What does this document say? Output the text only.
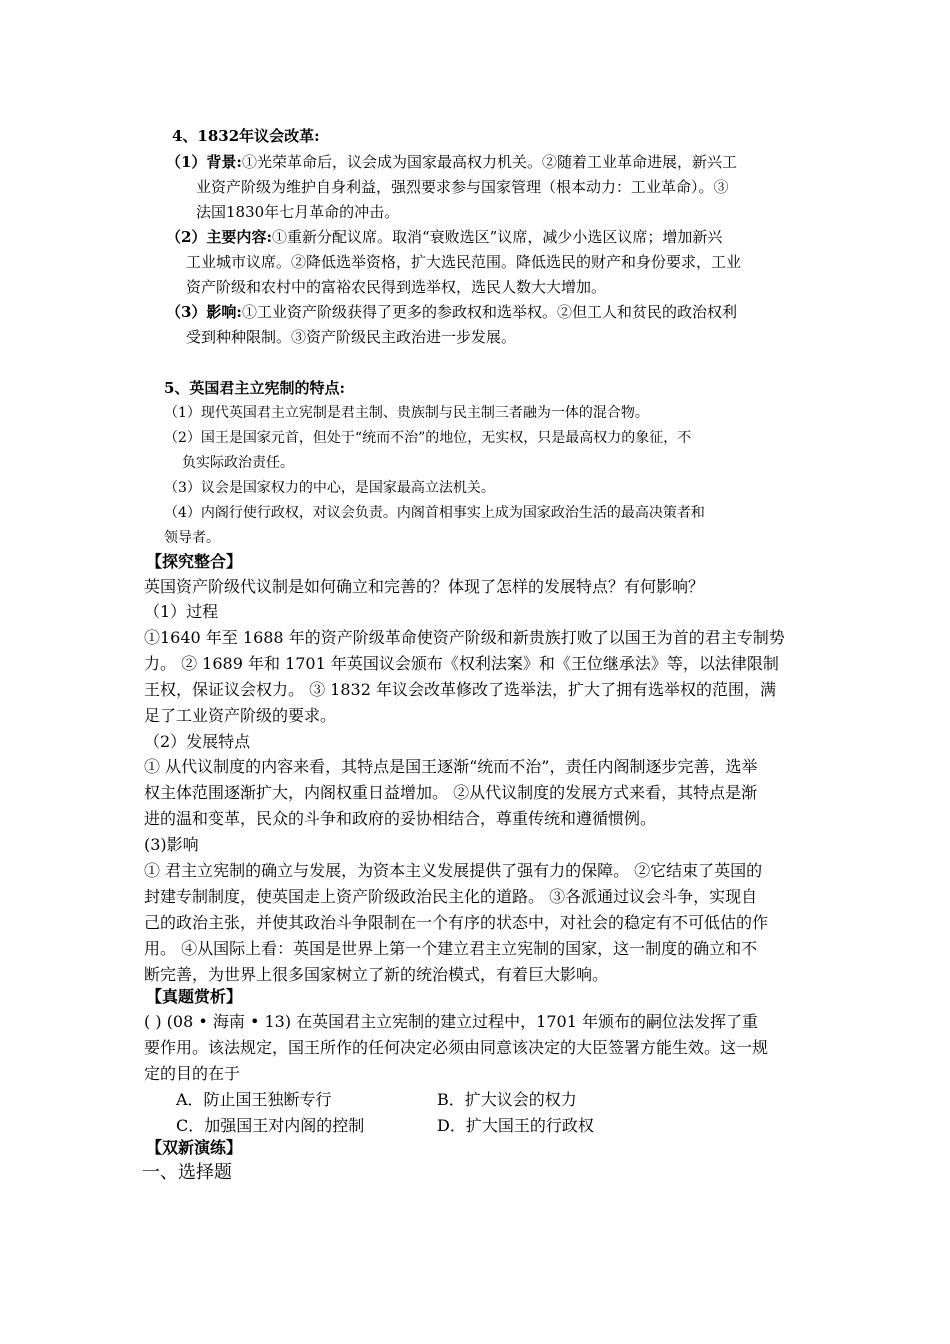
4、1832年议会改革:
（1）背景:①光荣革命后，议会成为国家最高权力机关。②随着工业革命进展，新兴工
业资产阶级为维护自身利益，强烈要求参与国家管理（根本动力：工业革命）。③
法国1830年七月革命的冲击。
（2）主要内容:①重新分配议席。取消“衰败选区”议席，减少小选区议席；增加新兴
工业城市议席。②降低选举资格，扩大选民范围。降低选民的财产和身份要求，工业
资产阶级和农村中的富裕农民得到选举权，选民人数大大增加。
（3）影响:①工业资产阶级获得了更多的参政权和选举权。②但工人和贫民的政治权利
受到种种限制。③资产阶级民主政治进一步发展。
5、英国君主立宪制的特点:
（1）现代英国君主立宪制是君主制、贵族制与民主制三者融为一体的混合物。
（2）国王是国家元首，但处于“统而不治”的地位，无实权，只是最高权力的象征，不
负实际政治责任。
（3）议会是国家权力的中心，是国家最高立法机关。
（4）内阁行使行政权，对议会负责。内阁首相事实上成为国家政治生活的最高决策者和
领导者。
【探究整合】
英国资产阶级代议制是如何确立和完善的？体现了怎样的发展特点？有何影响？
（1）过程
①1640 年至 1688 年的资产阶级革命使资产阶级和新贵族打败了以国王为首的君主专制势
力。 ② 1689 年和 1701 年英国议会颁布《权利法案》和《王位继承法》等，以法律限制
王权，保证议会权力。 ③ 1832 年议会改革修改了选举法，扩大了拥有选举权的范围，满
足了工业资产阶级的要求。
（2）发展特点
① 从代议制度的内容来看，其特点是国王逐渐“统而不治”，责任内阁制逐步完善，选举
权主体范围逐渐扩大，内阁权重日益增加。 ②从代议制度的发展方式来看，其特点是渐
进的温和变革，民众的斗争和政府的妥协相结合，尊重传统和遵循惯例。
(3)影响
① 君主立宪制的确立与发展，为资本主义发展提供了强有力的保障。 ②它结束了英国的
封建专制制度，使英国走上资产阶级政治民主化的道路。 ③各派通过议会斗争，实现自
己的政治主张，并使其政治斗争限制在一个有序的状态中，对社会的稳定有不可低估的作
用。 ④从国际上看：英国是世界上第一个建立君主立宪制的国家，这一制度的确立和不
断完善，为世界上很多国家树立了新的统治模式，有着巨大影响。
【真题赏析】
( ) (08 • 海南 • 13) 在英国君主立宪制的建立过程中，1701 年颁布的嗣位法发挥了重
要作用。该法规定，国王所作的任何决定必须由同意该决定的大臣签署方能生效。这一规
定的目的在于
A．防止国王独断专行	B．扩大议会的权力
C．加强国王对内阁的控制	D．扩大国王的行政权
【双新演练】
一、选择题
